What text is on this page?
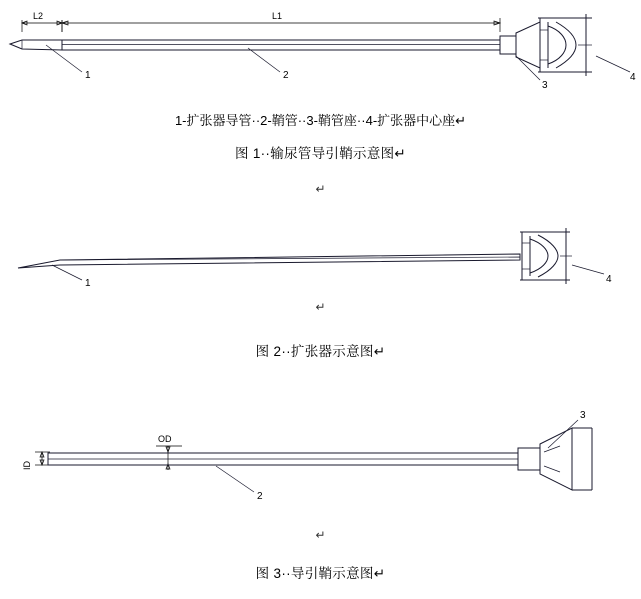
L2	L1
1	2
3
4
1-扩张器导管··2-鞘管··3-鞘管座··4-扩张器中心座↵
图 1··输尿管导引鞘示意图↵
↵
1	4
↵
图 2··扩张器示意图↵
OD
ID
2
3
↵
图 3··导引鞘示意图↵
